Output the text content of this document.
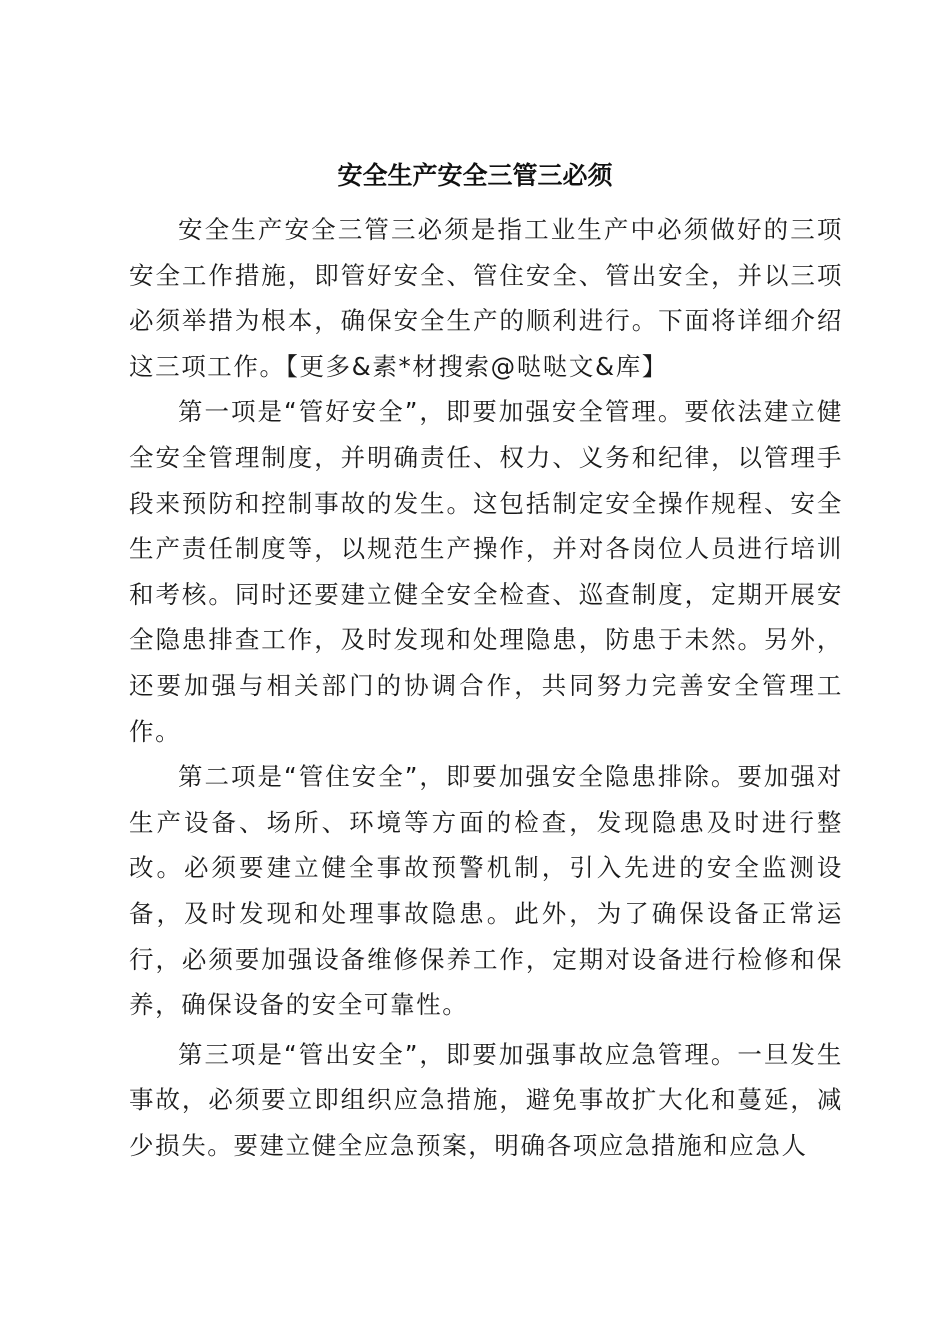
安全生产安全三管三必须

安全生产安全三管三必须是指工业生产中必须做好的三项安全工作措施，即管好安全、管住安全、管出安全，并以三项必须举措为根本，确保安全生产的顺利进行。下面将详细介绍这三项工作。【更多&素*材搜索@哒哒文&库】

第一项是“管好安全”，即要加强安全管理。要依法建立健全安全管理制度，并明确责任、权力、义务和纪律，以管理手段来预防和控制事故的发生。这包括制定安全操作规程、安全生产责任制度等，以规范生产操作，并对各岗位人员进行培训和考核。同时还要建立健全安全检查、巡查制度，定期开展安全隐患排查工作，及时发现和处理隐患，防患于未然。另外，还要加强与相关部门的协调合作，共同努力完善安全管理工作。

第二项是“管住安全”，即要加强安全隐患排除。要加强对生产设备、场所、环境等方面的检查，发现隐患及时进行整改。必须要建立健全事故预警机制，引入先进的安全监测设备，及时发现和处理事故隐患。此外，为了确保设备正常运行，必须要加强设备维修保养工作，定期对设备进行检修和保养，确保设备的安全可靠性。

第三项是“管出安全”，即要加强事故应急管理。一旦发生事故，必须要立即组织应急措施，避免事故扩大化和蔓延，减少损失。要建立健全应急预案，明确各项应急措施和应急人
